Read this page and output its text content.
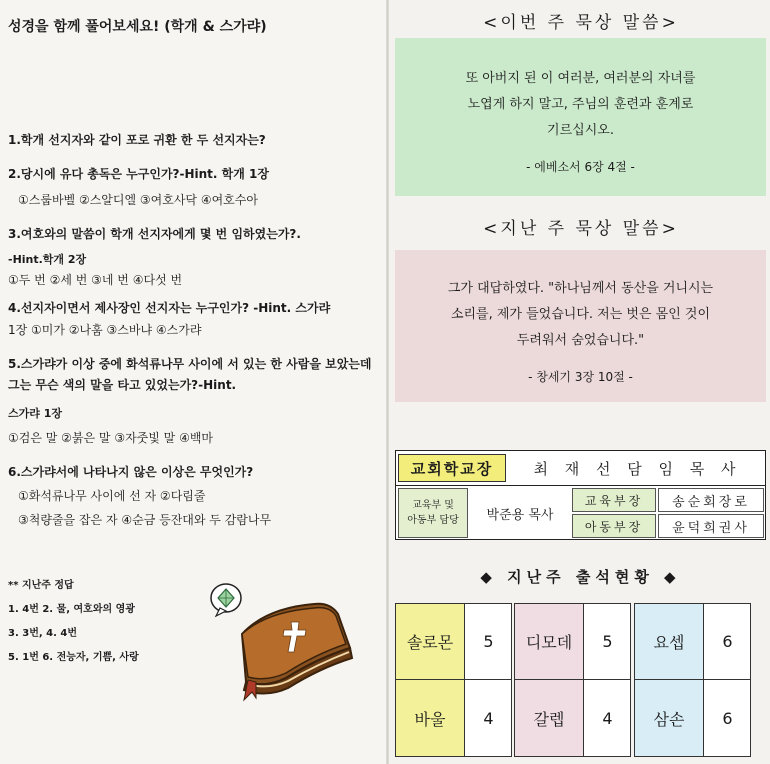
성경을 함께 풀어보세요! (학개 & 스가랴)
1.학개 선지자와 같이 포로 귀환 한 두 선지자는?
2.당시에 유다 총독은 누구인가?-Hint. 학개 1장
①스룹바벨 ②스알디엘 ③여호사닥 ④여호수아
3.여호와의 말씀이 학개 선지자에게 몇 번 임하였는가?.
-Hint.학개 2장
①두 번 ②세 번 ③네 번 ④다섯 번
4.선지자이면서 제사장인 선지자는 누구인가? -Hint. 스가랴
1장 ①미가 ②나훔 ③스바냐 ④스가랴
5.스가랴가 이상 중에 화석류나무 사이에 서 있는 한 사람을 보았는데 그는 무슨 색의 말을 타고 있었는가?-Hint.
스가랴 1장
①검은 말 ②붉은 말 ③자줏빛 말 ④백마
6.스가랴서에 나타나지 않은 이상은 무엇인가?
①화석류나무 사이에 선 자 ②다림줄
③척량줄을 잡은 자 ④순금 등잔대와 두 감람나무
** 지난주 정답
1. 4번 2. 물, 여호와의 영광
3. 3번, 4. 4번
5. 1번 6. 전능자, 기쁨, 사랑
<이번 주 묵상 말씀>
또 아버지 된 이 여러분, 여러분의 자녀를
노엽게 하지 말고, 주님의 훈련과 훈계로
기르십시오.
- 에베소서 6장 4절 -
<지난 주 묵상 말씀>
그가 대답하였다. "하나님께서 동산을 거니시는
소리를, 제가 들었습니다. 저는 벗은 몸인 것이
두려워서 숨었습니다."
- 창세기 3장 10절 -
교회학교장	최 재 선 담 임 목 사
교육부 및
아동부 담당	박준용 목사
교육부장	송순회장로
아동부장	윤덕희권사
◆ 지난주 출석현황 ◆
솔로몬	5
바울	4
디모데	5
갈렙	4
요셉	6
삼손	6
